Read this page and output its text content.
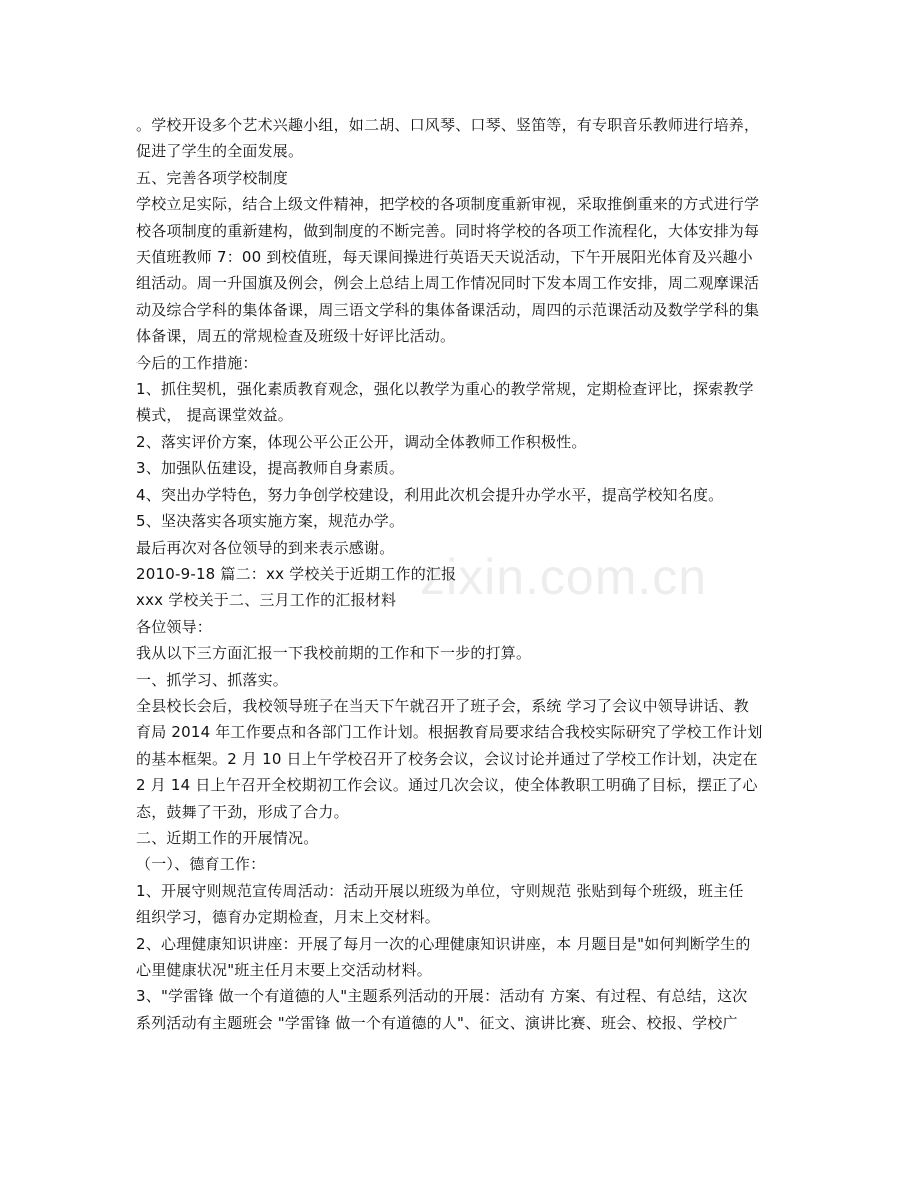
。学校开设多个艺术兴趣小组，如二胡、口风琴、口琴、竖笛等，有专职音乐教师进行培养，
促进了学生的全面发展。
五、完善各项学校制度
学校立足实际，结合上级文件精神，把学校的各项制度重新审视，采取推倒重来的方式进行学
校各项制度的重新建构，做到制度的不断完善。同时将学校的各项工作流程化，大体安排为每
天值班教师 7：00 到校值班，每天课间操进行英语天天说活动，下午开展阳光体育及兴趣小
组活动。周一升国旗及例会，例会上总结上周工作情况同时下发本周工作安排，周二观摩课活
动及综合学科的集体备课，周三语文学科的集体备课活动，周四的示范课活动及数学学科的集
体备课，周五的常规检查及班级十好评比活动。
今后的工作措施：
1、抓住契机，强化素质教育观念，强化以教学为重心的教学常规，定期检查评比，探索教学
模式， 提高课堂效益。
2、落实评价方案，体现公平公正公开，调动全体教师工作积极性。
3、加强队伍建设，提高教师自身素质。
4、突出办学特色，努力争创学校建设，利用此次机会提升办学水平，提高学校知名度。
5、坚决落实各项实施方案，规范办学。
最后再次对各位领导的到来表示感谢。
2010-9-18 篇二：xx 学校关于近期工作的汇报
xxx 学校关于二、三月工作的汇报材料
各位领导：
我从以下三方面汇报一下我校前期的工作和下一步的打算。
一、抓学习、抓落实。
全县校长会后，我校领导班子在当天下午就召开了班子会，系统 学习了会议中领导讲话、教
育局 2014 年工作要点和各部门工作计划。根据教育局要求结合我校实际研究了学校工作计划
的基本框架。2 月 10 日上午学校召开了校务会议，会议讨论并通过了学校工作计划，决定在
2 月 14 日上午召开全校期初工作会议。通过几次会议，使全体教职工明确了目标，摆正了心
态，鼓舞了干劲，形成了合力。
二、近期工作的开展情况。
（一）、德育工作：
1、开展守则规范宣传周活动：活动开展以班级为单位，守则规范 张贴到每个班级，班主任
组织学习，德育办定期检查，月末上交材料。
2、心理健康知识讲座：开展了每月一次的心理健康知识讲座，本 月题目是"如何判断学生的
心里健康状况"班主任月末要上交活动材料。
3、"学雷锋 做一个有道德的人"主题系列活动的开展：活动有 方案、有过程、有总结，这次
系列活动有主题班会 "学雷锋 做一个有道德的人"、征文、演讲比赛、班会、校报、学校广
zixin.com.cn
